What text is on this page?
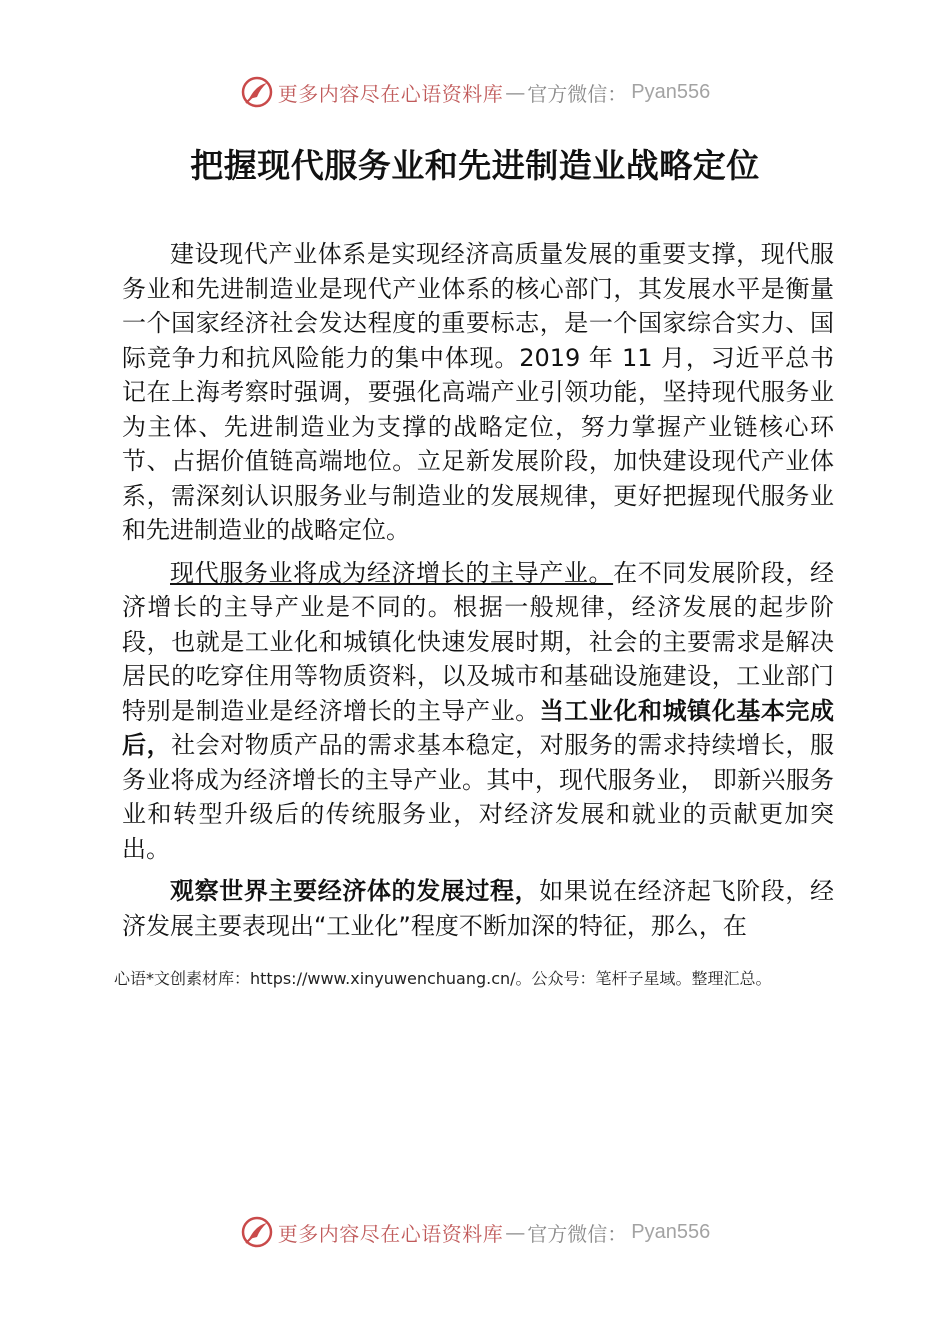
更多内容尽在心语资料库 — 官方微信： Pyan556
把握现代服务业和先进制造业战略定位

建设现代产业体系是实现经济高质量发展的重要支撑，现代服务业和先进制造业是现代产业体系的核心部门，其发展水平是衡量一个国家经济社会发达程度的重要标志，是一个国家综合实力、国际竞争力和抗风险能力的集中体现。2019 年 11 月，习近平总书记在上海考察时强调，要强化高端产业引领功能，坚持现代服务业为主体、先进制造业为支撑的战略定位，努力掌握产业链核心环节、占据价值链高端地位。立足新发展阶段，加快建设现代产业体系，需深刻认识服务业与制造业的发展规律，更好把握现代服务业和先进制造业的战略定位。

现代服务业将成为经济增长的主导产业。在不同发展阶段，经济增长的主导产业是不同的。根据一般规律，经济发展的起步阶段，也就是工业化和城镇化快速发展时期，社会的主要需求是解决居民的吃穿住用等物质资料，以及城市和基础设施建设，工业部门特别是制造业是经济增长的主导产业。当工业化和城镇化基本完成后，社会对物质产品的需求基本稳定，对服务的需求持续增长，服务业将成为经济增长的主导产业。其中，现代服务业， 即新兴服务业和转型升级后的传统服务业，对经济发展和就业的贡献更加突出。

观察世界主要经济体的发展过程，如果说在经济起飞阶段，经济发展主要表现出“工业化”程度不断加深的特征，那么，在

心语*文创素材库：https://www.xinyuwenchuang.cn/。公众号：笔杆子星域。整理汇总。
更多内容尽在心语资料库 — 官方微信： Pyan556
